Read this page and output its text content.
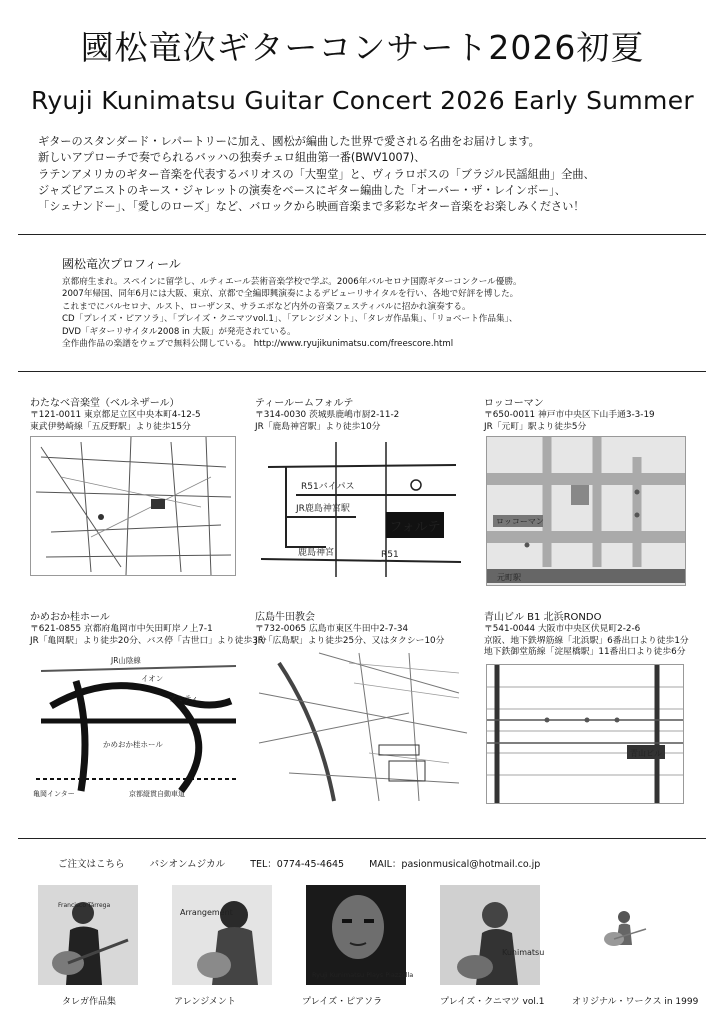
國松竜次ギターコンサート2026初夏
Ryuji Kunimatsu Guitar Concert 2026 Early Summer
ギターのスタンダード・レパートリーに加え、國松が編曲した世界で愛される名曲をお届けします。
新しいアプローチで奏でられるバッハの独奏チェロ組曲第一番(BWV1007)、
ラテンアメリカのギター音楽を代表するバリオスの「大聖堂」と、ヴィラロボスの「ブラジル民謡組曲」全曲、
ジャズピアニストのキース・ジャレットの演奏をベースにギター編曲した「オーバー・ザ・レインボー」、
「シェナンドー」、「愛しのローズ」など、バロックから映画音楽まで多彩なギター音楽をお楽しみください！
國松竜次プロフィール
京都府生まれ。スペインに留学し、ルティエール芸術音楽学校で学ぶ。2006年バルセロナ国際ギターコンクール優勝。
2007年帰国、同年6月には大阪、東京、京都で全編即興演奏によるデビューリサイタルを行い、各地で好評を博した。
これまでにバルセロナ、ルスト、ローザンヌ、サラエボなど内外の音楽フェスティバルに招かれ演奏する。
CD「プレイズ・ピアソラ」、「プレイズ・クニマツvol.1」、「アレンジメント」、「タレガ作品集」、「リョベート作品集」、
DVD「ギターリサイタル2008 in 大阪」が発売されている。
全作曲作品の楽譜をウェブで無料公開している。 http://www.ryujikunimatsu.com/freescore.html
わたなべ音楽堂（ベルネザール）
〒121-0011 東京都足立区中央本町4-12-5
東武伊勢崎線「五反野駅」より徒歩15分
ティールームフォルテ
〒314-0030 茨城県鹿嶋市厨2-11-2
JR「鹿島神宮駅」より徒歩10分
フォルテ
R51バイパス
JR鹿島神宮駅
鹿島神宮	R51
ロッコーマン
〒650-0011 神戸市中央区下山手通3-3-19
JR「元町」駅より徒歩5分
元町駅
ロッコーマン
かめおか桂ホール
〒621-0855 京都府亀岡市中矢田町岸ノ上7-1
JR「亀岡駅」より徒歩20分、バス停「古世口」より徒歩3分
JR山陰線
イオン
アミティ
かめおか桂ホール
亀岡インター	京都縦貫自動車道
広島牛田教会
〒732-0065 広島市東区牛田中2-7-34
JR「広島駅」より徒歩25分、又はタクシー10分
青山ビル B1 北浜RONDO
〒541-0044 大阪市中央区伏見町2-2-6
京阪、地下鉄堺筋線「北浜駅」6番出口より徒歩1分
地下鉄御堂筋線「淀屋橋駅」11番出口より徒歩6分
青山ビル
ご注文はこちら	パシオンムジカル	TEL：0774-45-4645	MAIL：pasionmusical@hotmail.co.jp
Francisco Tárrega
タレガ作品集
Arrangement
アレンジメント
Ryuji Kunimatsu Plays Piazzolla
プレイズ・ピアソラ
Kunimatsu
プレイズ・クニマツ vol.1	オリジナル・ワークス in 1999
